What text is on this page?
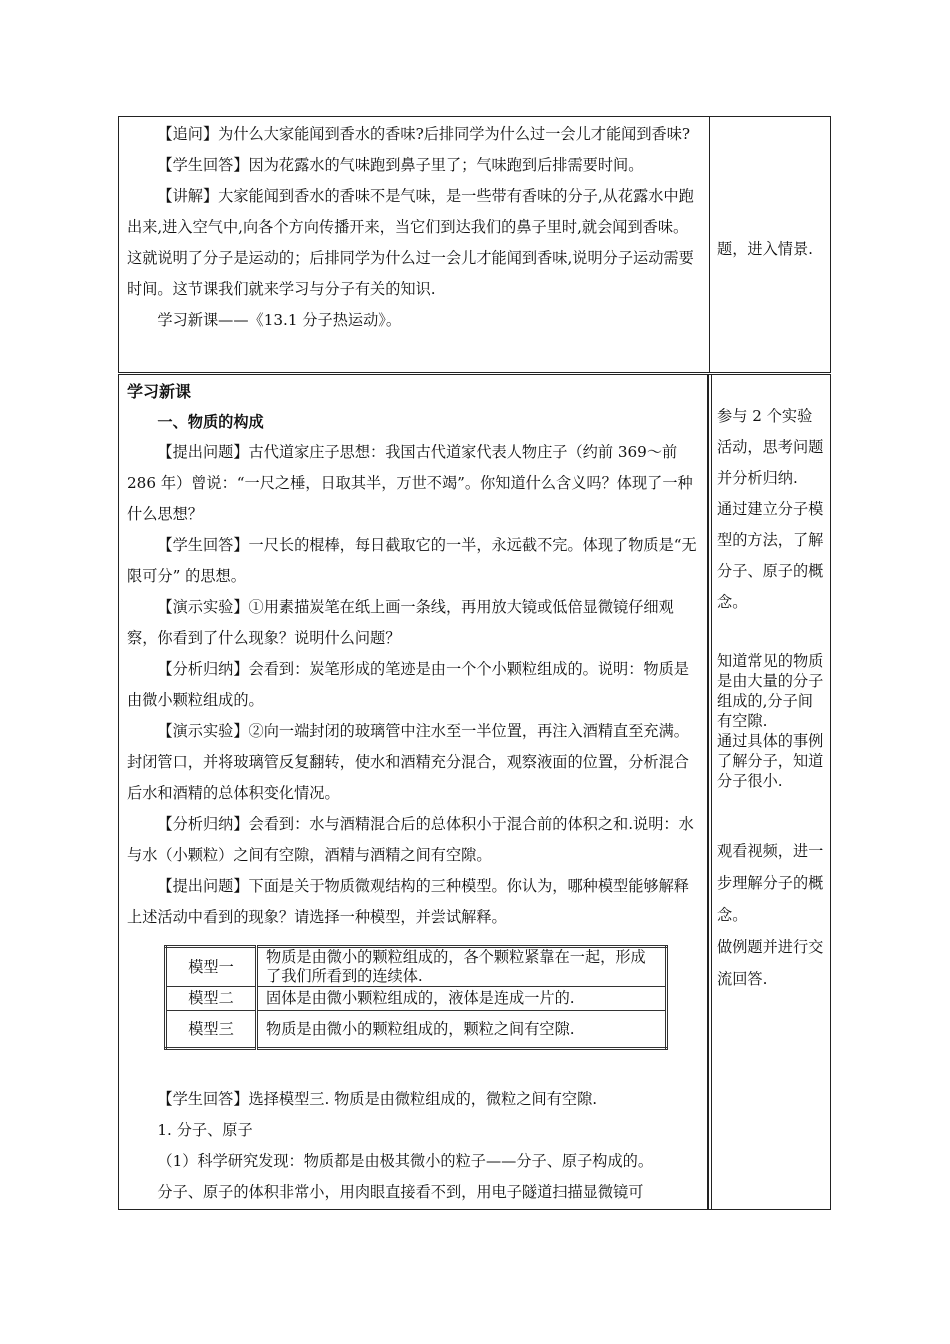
【追问】为什么大家能闻到香水的香味?后排同学为什么过一会儿才能闻到香味?

【学生回答】因为花露水的气味跑到鼻子里了；气味跑到后排需要时间。

【讲解】大家能闻到香水的香味不是气味，是一些带有香味的分子,从花露水中跑出来,进入空气中,向各个方向传播开来，当它们到达我们的鼻子里时,就会闻到香味。这就说明了分子是运动的；后排同学为什么过一会儿才能闻到香味,说明分子运动需要时间。这节课我们就来学习与分子有关的知识.

学习新课——《13.1 分子热运动》。

题，进入情景.

学习新课

一、物质的构成

【提出问题】古代道家庄子思想：我国古代道家代表人物庄子（约前 369～前 286 年）曾说：“一尺之棰，日取其半，万世不竭”。你知道什么含义吗？体现了一种什么思想？

【学生回答】一尺长的棍棒，每日截取它的一半，永远截不完。体现了物质是“无限可分” 的思想。

【演示实验】①用素描炭笔在纸上画一条线，再用放大镜或低倍显微镜仔细观察，你看到了什么现象？说明什么问题？

【分析归纳】会看到：炭笔形成的笔迹是由一个个小颗粒组成的。说明：物质是由微小颗粒组成的。

【演示实验】②向一端封闭的玻璃管中注水至一半位置，再注入酒精直至充满。封闭管口，并将玻璃管反复翻转，使水和酒精充分混合，观察液面的位置，分析混合后水和酒精的总体积变化情况。

【分析归纳】会看到：水与酒精混合后的总体积小于混合前的体积之和.说明：水与水（小颗粒）之间有空隙，酒精与酒精之间有空隙。

【提出问题】下面是关于物质微观结构的三种模型。你认为，哪种模型能够解释上述活动中看到的现象？请选择一种模型，并尝试解释。

模型一	物质是由微小的颗粒组成的，各个颗粒紧靠在一起，形成了我们所看到的连续体.
模型二	固体是由微小颗粒组成的，液体是连成一片的.
模型三	物质是由微小的颗粒组成的，颗粒之间有空隙.

【学生回答】选择模型三. 物质是由微粒组成的，微粒之间有空隙.

1. 分子、原子

（1）科学研究发现：物质都是由极其微小的粒子——分子、原子构成的。

分子、原子的体积非常小，用肉眼直接看不到，用电子隧道扫描显微镜可

参与 2 个实验活动，思考问题并分析归纳.

通过建立分子模型的方法，了解分子、原子的概念。

知道常见的物质是由大量的分子组成的,分子间有空隙.

通过具体的事例了解分子，知道分子很小.

观看视频，进一步理解分子的概念。

做例题并进行交流回答.
